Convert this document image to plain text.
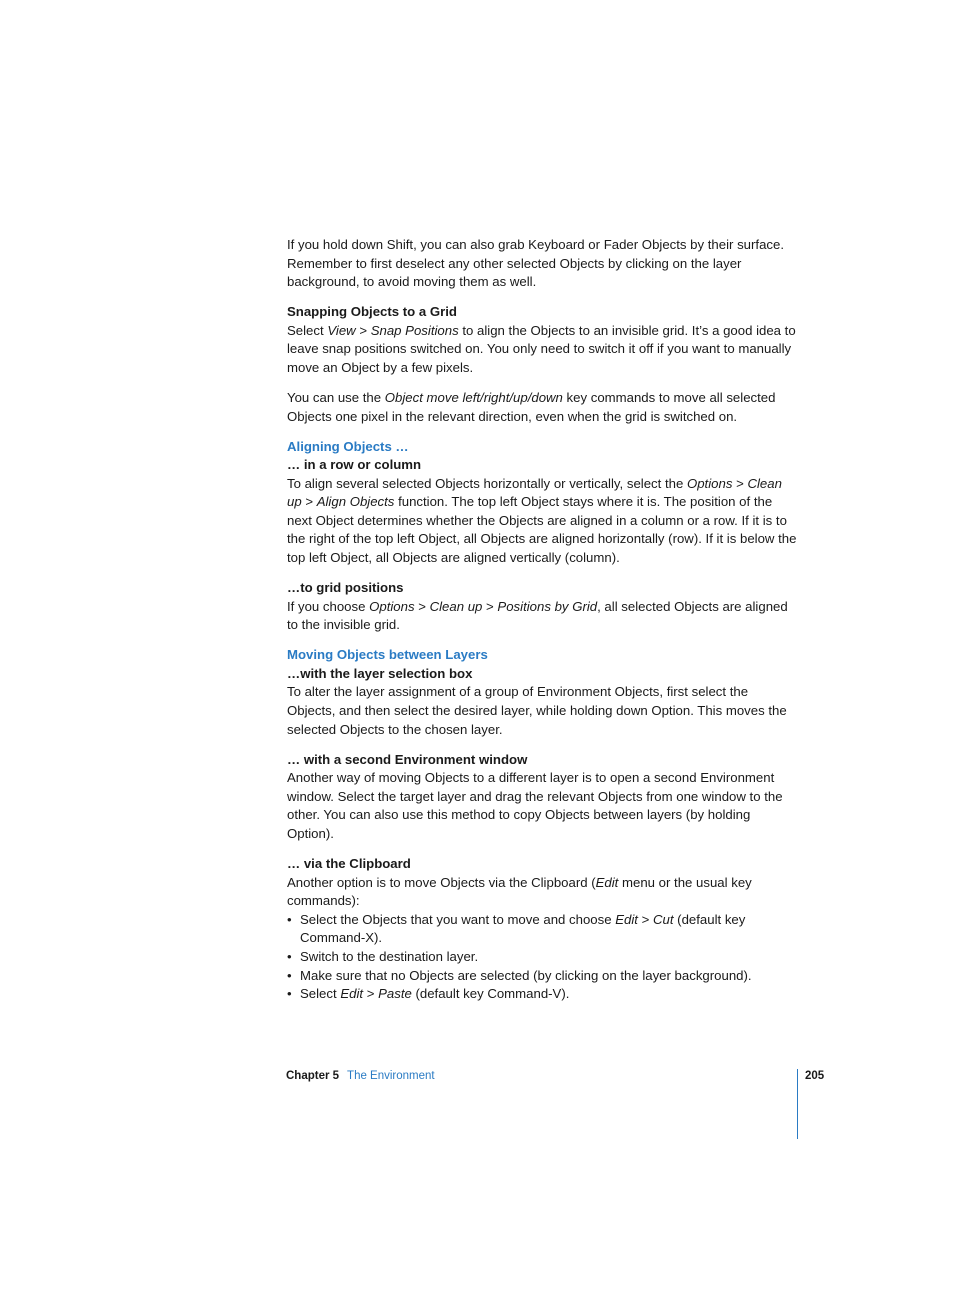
If you hold down Shift, you can also grab Keyboard or Fader Objects by their surface. Remember to first deselect any other selected Objects by clicking on the layer background, to avoid moving them as well.

Snapping Objects to a Grid

Select View > Snap Positions to align the Objects to an invisible grid. It’s a good idea to leave snap positions switched on. You only need to switch it off if you want to manually move an Object by a few pixels.

You can use the Object move left/right/up/down key commands to move all selected Objects one pixel in the relevant direction, even when the grid is switched on.

Aligning Objects …

… in a row or column

To align several selected Objects horizontally or vertically, select the Options > Clean up > Align Objects function. The top left Object stays where it is. The position of the next Object determines whether the Objects are aligned in a column or a row. If it is to the right of the top left Object, all Objects are aligned horizontally (row). If it is below the top left Object, all Objects are aligned vertically (column).

…to grid positions

If you choose Options > Clean up > Positions by Grid, all selected Objects are aligned to the invisible grid.

Moving Objects between Layers

…with the layer selection box

To alter the layer assignment of a group of Environment Objects, first select the Objects, and then select the desired layer, while holding down Option. This moves the selected Objects to the chosen layer.

… with a second Environment window

Another way of moving Objects to a different layer is to open a second Environment window. Select the target layer and drag the relevant Objects from one window to the other. You can also use this method to copy Objects between layers (by holding Option).

… via the Clipboard

Another option is to move Objects via the Clipboard (Edit menu or the usual key commands):

• Select the Objects that you want to move and choose Edit > Cut (default key Command-X).
• Switch to the destination layer.
• Make sure that no Objects are selected (by clicking on the layer background).
• Select Edit > Paste (default key Command-V).
Chapter 5 The Environment	205
